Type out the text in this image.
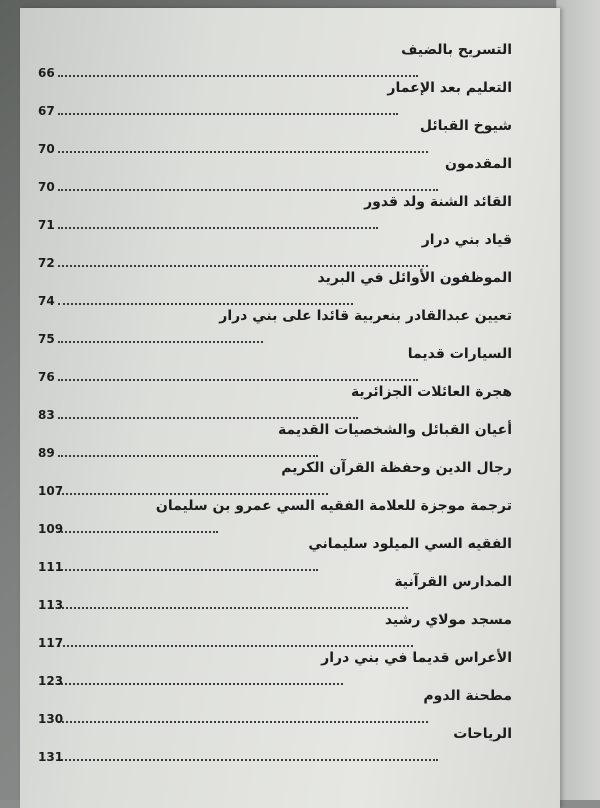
التسريح بالضيف
66
التعليم بعد الإعمار
67
شيوخ القبائل
70
المقدمون
70
القائد الشنة ولد قدور
71
قياد بني درار
72
الموظفون الأوائل في البريد
74
تعيين عبدالقادر بنعربية قائدا على بني درار
75
السيارات قديما
76
هجرة العائلات الجزائرية
83
أعيان القبائل والشخصيات القديمة
89
رجال الدين وحفظة القرآن الكريم
107
ترجمة موجزة للعلامة الفقيه السي عمرو بن سليمان
109
الفقيه السي الميلود سليماني
111
المدارس القرآنية
113
مسجد مولاي رشيد
117
الأعراس قديما في بني درار
123
مطحنة الدوم
130
الرياحات
131
